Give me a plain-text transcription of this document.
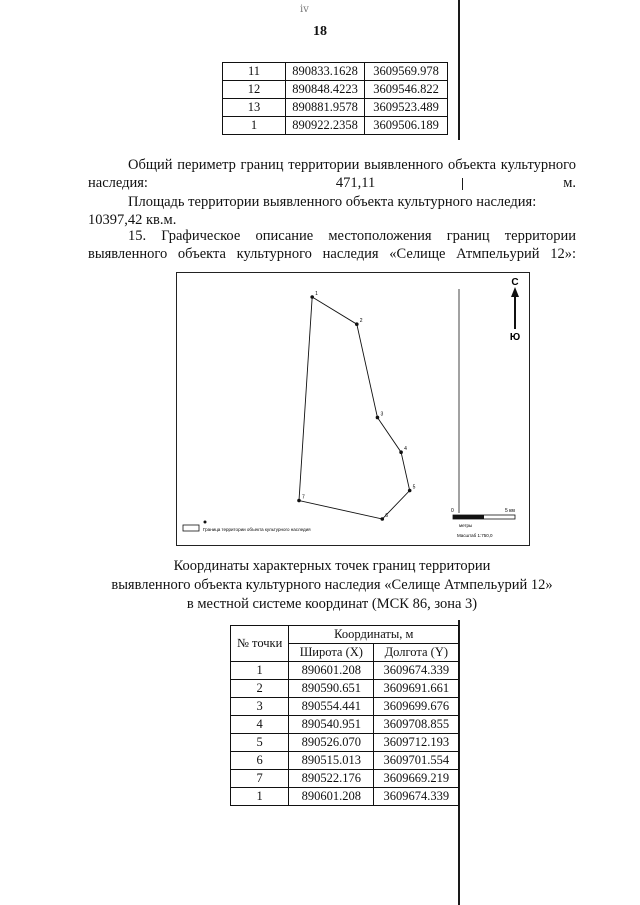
ⅳ
18
11	890833.1628	3609569.978
12	890848.4223	3609546.822
13	890881.9578	3609523.489
1	890922.2358	3609506.189
Общий периметр границ территории выявленного объекта культурного наследия: 471,11 м.
Площадь территории выявленного объекта культурного наследия: 10397,42 кв.м.
15. Графическое описание местоположения границ территории выявленного объекта культурного наследия «Селище Атмпельурий 12»:
1
2
3
4
5
6
7
С
Ю
0	5 км
метры
Масштаб 1:750,0
Граница территории объекта культурного наследия
Координаты характерных точек границ территории
выявленного объекта культурного наследия «Селище Атмпельурий 12»
в местной системе координат (МСК 86, зона 3)
№ точки	Координаты, м	
	Широта (X)	Долгота (Y)
1	890601.208	3609674.339
2	890590.651	3609691.661
3	890554.441	3609699.676
4	890540.951	3609708.855
5	890526.070	3609712.193
6	890515.013	3609701.554
7	890522.176	3609669.219
1	890601.208	3609674.339
